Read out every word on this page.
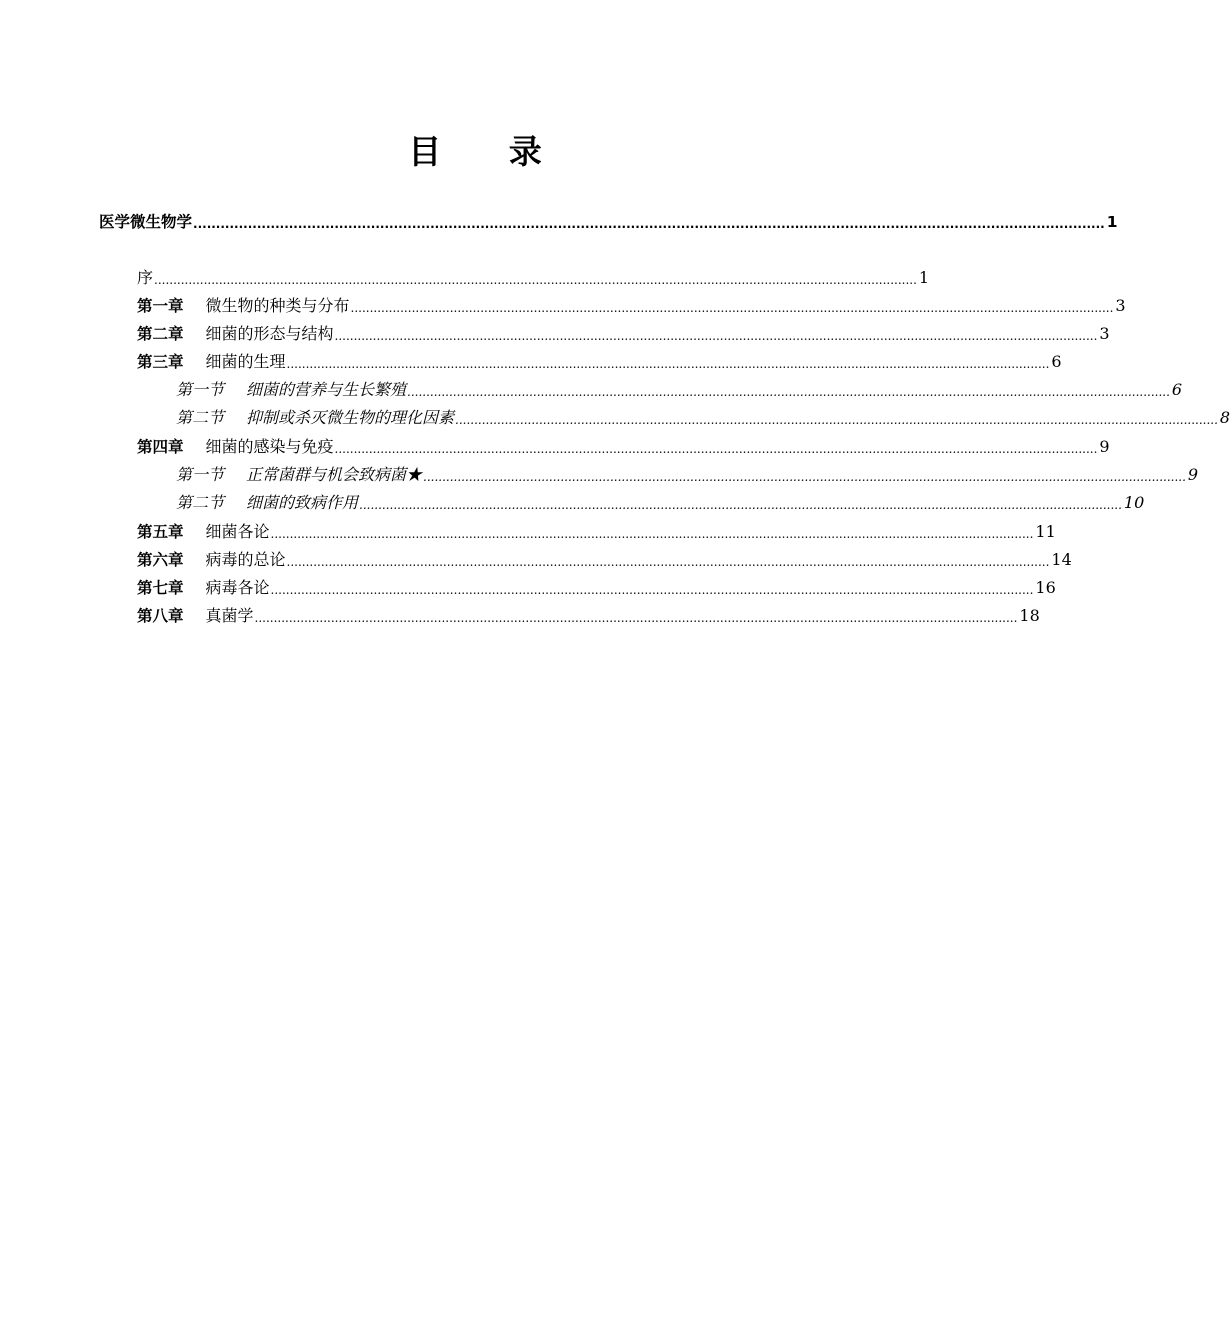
目 录
医学微生物学 ........................................................................................................................................................................................................ 1
序 ........................................................................................................................................................................................................ 1
第一章 微生物的种类与分布 ........................................................................................................................................................................................................ 3
第二章 细菌的形态与结构 ........................................................................................................................................................................................................ 3
第三章 细菌的生理 ........................................................................................................................................................................................................ 6
第一节 细菌的营养与生长繁殖 ........................................................................................................................................................................................................ 6
第二节 抑制或杀灭微生物的理化因素 ........................................................................................................................................................................................................ 8
第四章 细菌的感染与免疫 ........................................................................................................................................................................................................ 9
第一节 正常菌群与机会致病菌★ ........................................................................................................................................................................................................ 9
第二节 细菌的致病作用 ........................................................................................................................................................................................................ 10
第五章 细菌各论 ........................................................................................................................................................................................................ 11
第六章 病毒的总论 ........................................................................................................................................................................................................ 14
第七章 病毒各论 ........................................................................................................................................................................................................ 16
第八章 真菌学 ........................................................................................................................................................................................................ 18
